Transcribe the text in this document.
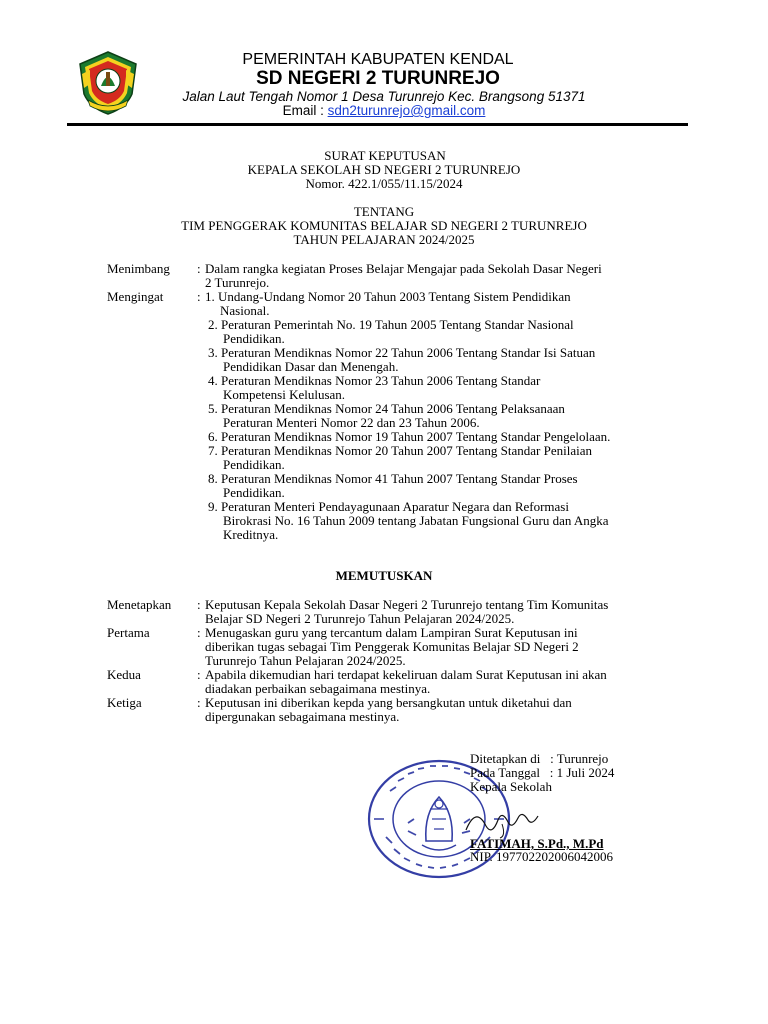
PEMERINTAH KABUPATEN KENDAL
SD NEGERI 2 TURUNREJO
Jalan Laut Tengah Nomor 1 Desa Turunrejo Kec. Brangsong 51371
Email : sdn2turunrejo@gmail.com
SURAT KEPUTUSAN
KEPALA SEKOLAH SD NEGERI 2 TURUNREJO
Nomor. 422.1/055/11.15/2024
TENTANG
TIM PENGGERAK KOMUNITAS BELAJAR SD NEGERI 2 TURUNREJO
TAHUN PELAJARAN 2024/2025
Menimbang : Dalam rangka kegiatan Proses Belajar Mengajar pada Sekolah Dasar Negeri
2 Turunrejo.
Mengingat	: 1. Undang-Undang Nomor 20 Tahun 2003 Tentang Sistem Pendidikan
Nasional.
2. Peraturan Pemerintah No. 19 Tahun 2005 Tentang Standar Nasional
Pendidikan.
3. Peraturan Mendiknas Nomor 22 Tahun 2006 Tentang Standar Isi Satuan
Pendidikan Dasar dan Menengah.
4. Peraturan Mendiknas Nomor 23 Tahun 2006 Tentang Standar
Kompetensi Kelulusan.
5. Peraturan Mendiknas Nomor 24 Tahun 2006 Tentang Pelaksanaan
Peraturan Menteri Nomor 22 dan 23 Tahun 2006.
6. Peraturan Mendiknas Nomor 19 Tahun 2007 Tentang Standar Pengelolaan.
7. Peraturan Mendiknas Nomor 20 Tahun 2007 Tentang Standar Penilaian
Pendidikan.
8. Peraturan Mendiknas Nomor 41 Tahun 2007 Tentang Standar Proses
Pendidikan.
9. Peraturan Menteri Pendayagunaan Aparatur Negara dan Reformasi
Birokrasi No. 16 Tahun 2009 tentang Jabatan Fungsional Guru dan Angka
Kreditnya.
MEMUTUSKAN
Menetapkan : Keputusan Kepala Sekolah Dasar Negeri 2 Turunrejo tentang Tim Komunitas
Belajar SD Negeri 2 Turunrejo Tahun Pelajaran 2024/2025.
Pertama	: Menugaskan guru yang tercantum dalam Lampiran Surat Keputusan ini
diberikan tugas sebagai Tim Penggerak Komunitas Belajar SD Negeri 2
Turunrejo Tahun Pelajaran 2024/2025.
Kedua	: Apabila dikemudian hari terdapat kekeliruan dalam Surat Keputusan ini akan
diadakan perbaikan sebagaimana mestinya.
Ketiga	: Keputusan ini diberikan kepda yang bersangkutan untuk diketahui dan
dipergunakan sebagaimana mestinya.
Ditetapkan di   : Turunrejo
Pada Tanggal   : 1 Juli 2024
Kepala Sekolah
FATIMAH, S.Pd., M.Pd
NIP. 197702202006042006
